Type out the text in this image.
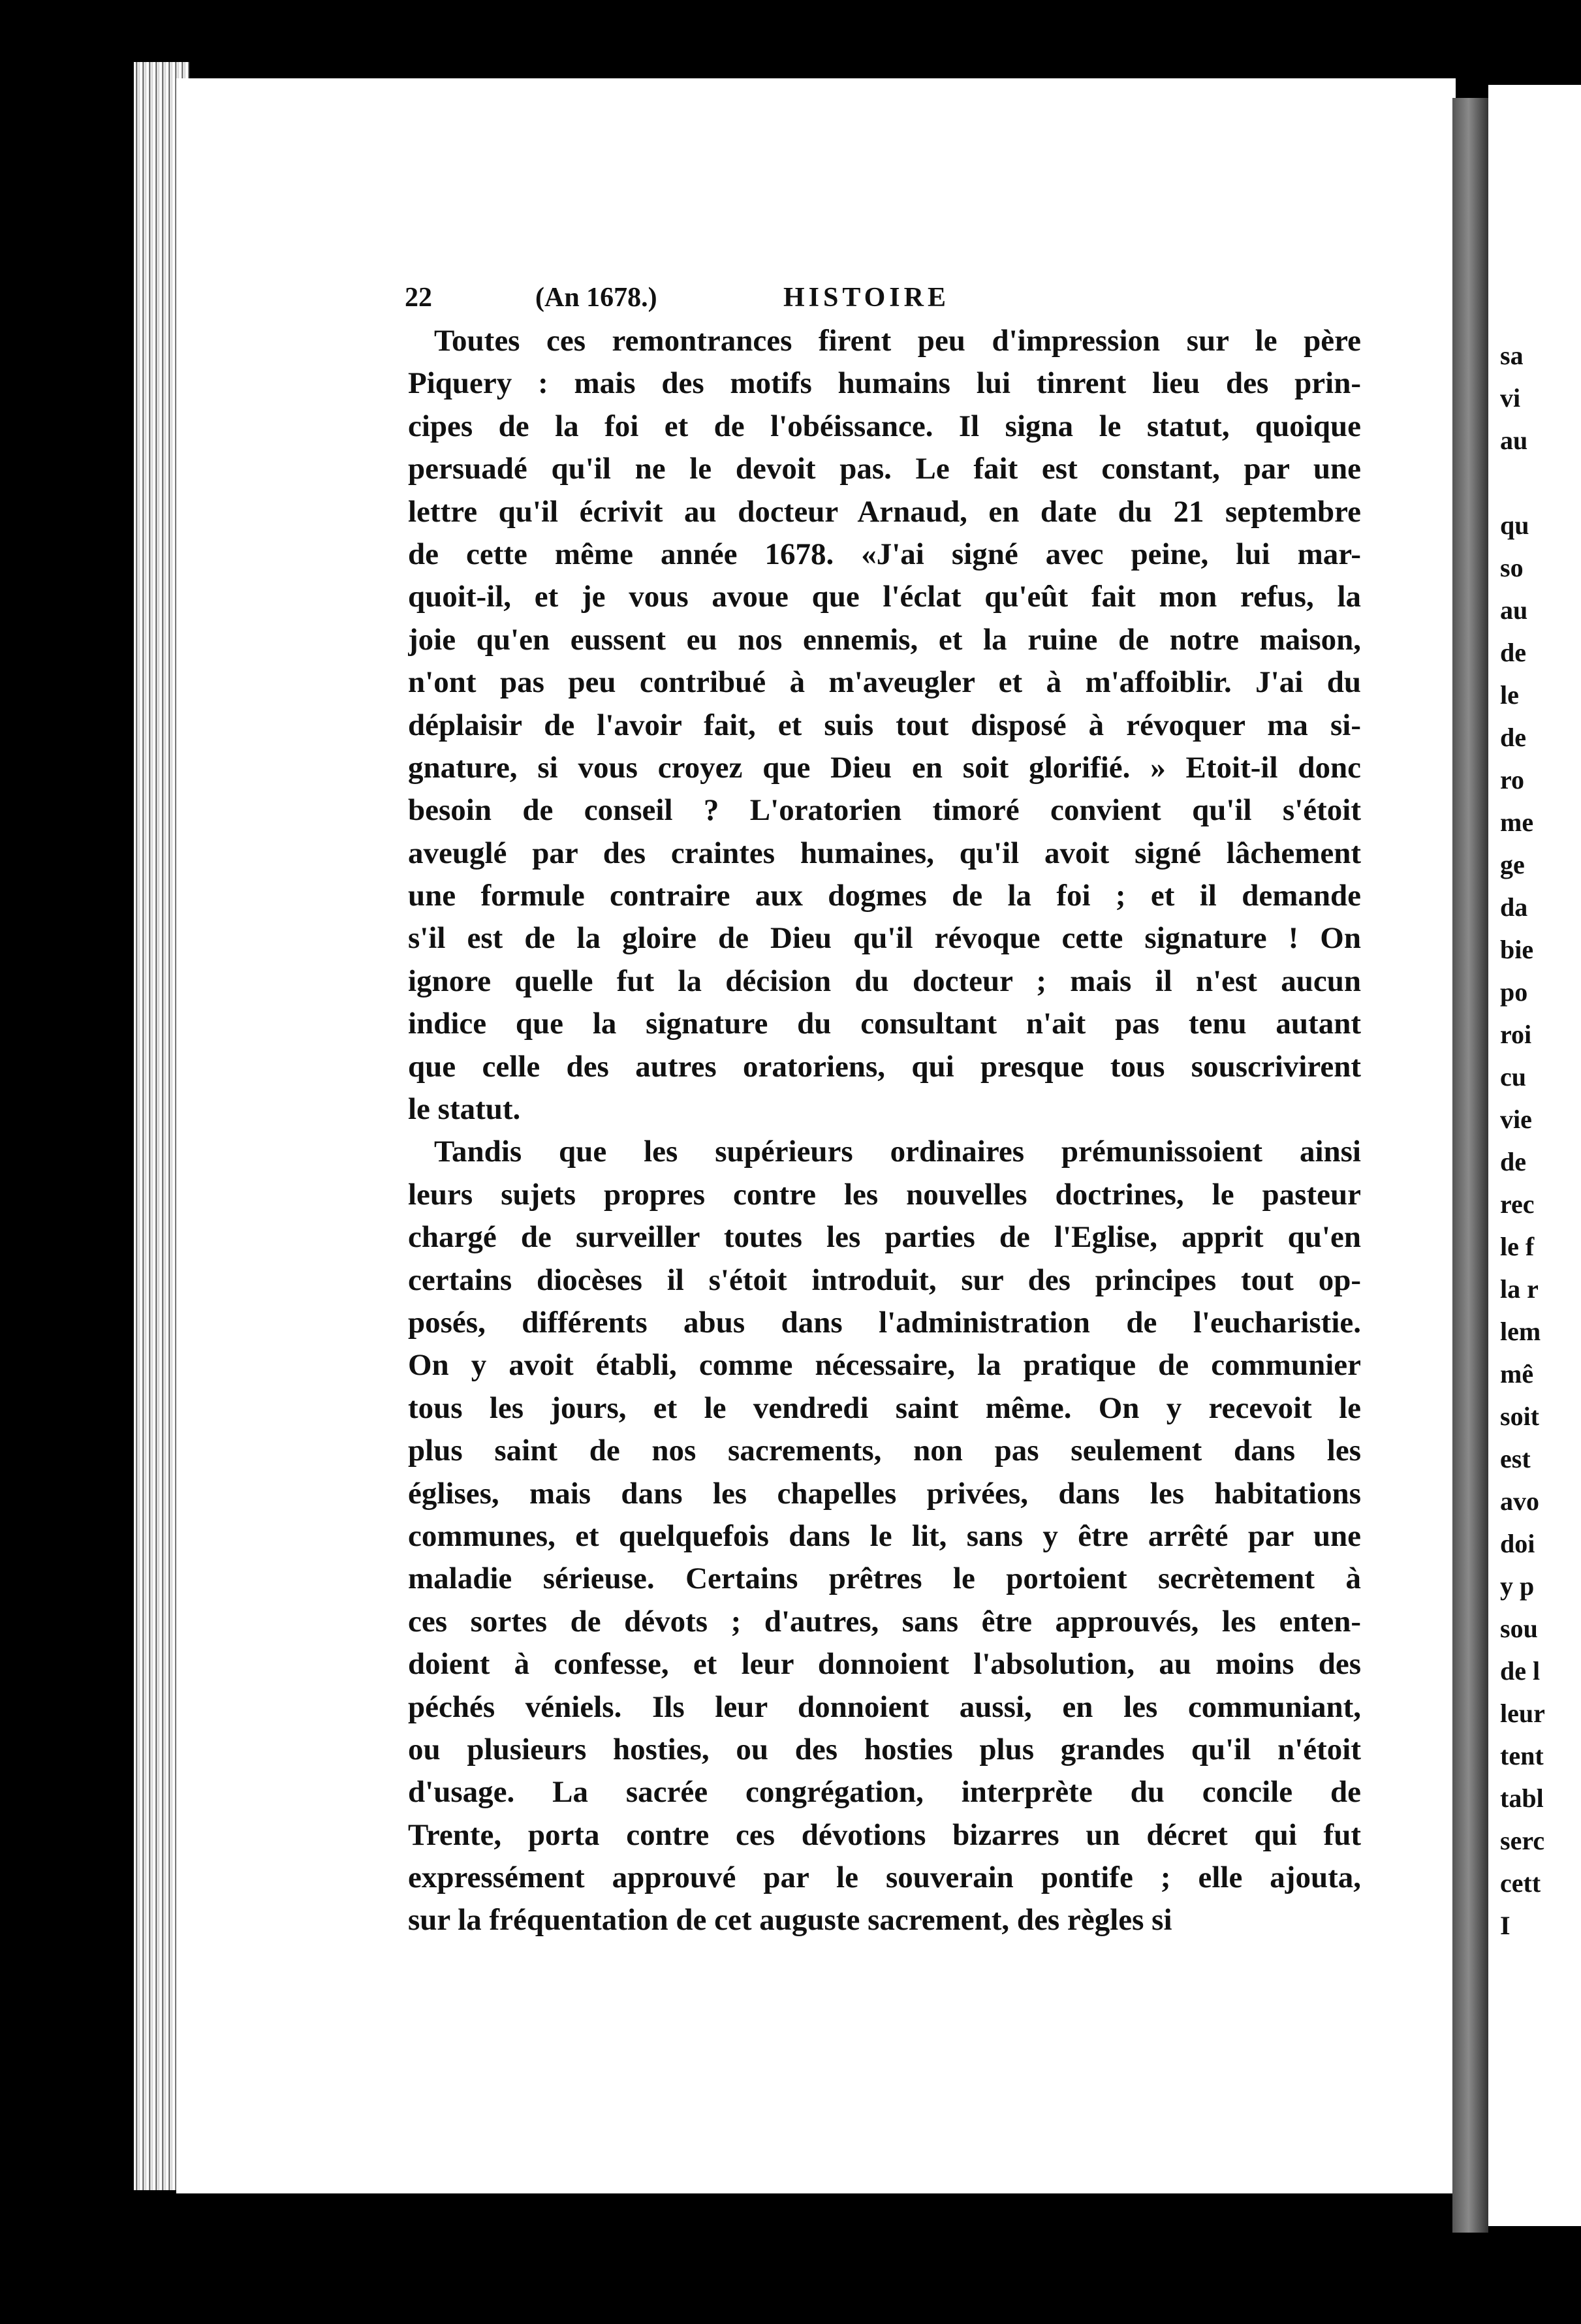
sa
vi
au
qu
so
au
de
le
de
ro
me
ge
da
bie
po
roi
cu
vie
de
rec
le f
la r
lem
mê
soit
est
avo
doi
y p
sou
de l
leur
tent
tabl
serc
cett
I
22	(An 1678.)	HISTOIRE
Toutes ces remontrances firent peu d'impression sur le père
Piquery : mais des motifs humains lui tinrent lieu des prin-
cipes de la foi et de l'obéissance. Il signa le statut, quoique
persuadé qu'il ne le devoit pas. Le fait est constant, par une
lettre qu'il écrivit au docteur Arnaud, en date du 21 septembre
de cette même année 1678. «J'ai signé avec peine, lui mar-
quoit-il, et je vous avoue que l'éclat qu'eût fait mon refus, la
joie qu'en eussent eu nos ennemis, et la ruine de notre maison,
n'ont pas peu contribué à m'aveugler et à m'affoiblir. J'ai du
déplaisir de l'avoir fait, et suis tout disposé à révoquer ma si-
gnature, si vous croyez que Dieu en soit glorifié. » Etoit-il donc
besoin de conseil ? L'oratorien timoré convient qu'il s'étoit
aveuglé par des craintes humaines, qu'il avoit signé lâchement
une formule contraire aux dogmes de la foi ; et il demande
s'il est de la gloire de Dieu qu'il révoque cette signature ! On
ignore quelle fut la décision du docteur ; mais il n'est aucun
indice que la signature du consultant n'ait pas tenu autant
que celle des autres oratoriens, qui presque tous souscrivirent
le statut.
Tandis que les supérieurs ordinaires prémunissoient ainsi
leurs sujets propres contre les nouvelles doctrines, le pasteur
chargé de surveiller toutes les parties de l'Eglise, apprit qu'en
certains diocèses il s'étoit introduit, sur des principes tout op-
posés, différents abus dans l'administration de l'eucharistie.
On y avoit établi, comme nécessaire, la pratique de communier
tous les jours, et le vendredi saint même. On y recevoit le
plus saint de nos sacrements, non pas seulement dans les
églises, mais dans les chapelles privées, dans les habitations
communes, et quelquefois dans le lit, sans y être arrêté par une
maladie sérieuse. Certains prêtres le portoient secrètement à
ces sortes de dévots ; d'autres, sans être approuvés, les enten-
doient à confesse, et leur donnoient l'absolution, au moins des
péchés véniels. Ils leur donnoient aussi, en les communiant,
ou plusieurs hosties, ou des hosties plus grandes qu'il n'étoit
d'usage. La sacrée congrégation, interprète du concile de
Trente, porta contre ces dévotions bizarres un décret qui fut
expressément approuvé par le souverain pontife ; elle ajouta,
sur la fréquentation de cet auguste sacrement, des règles si
